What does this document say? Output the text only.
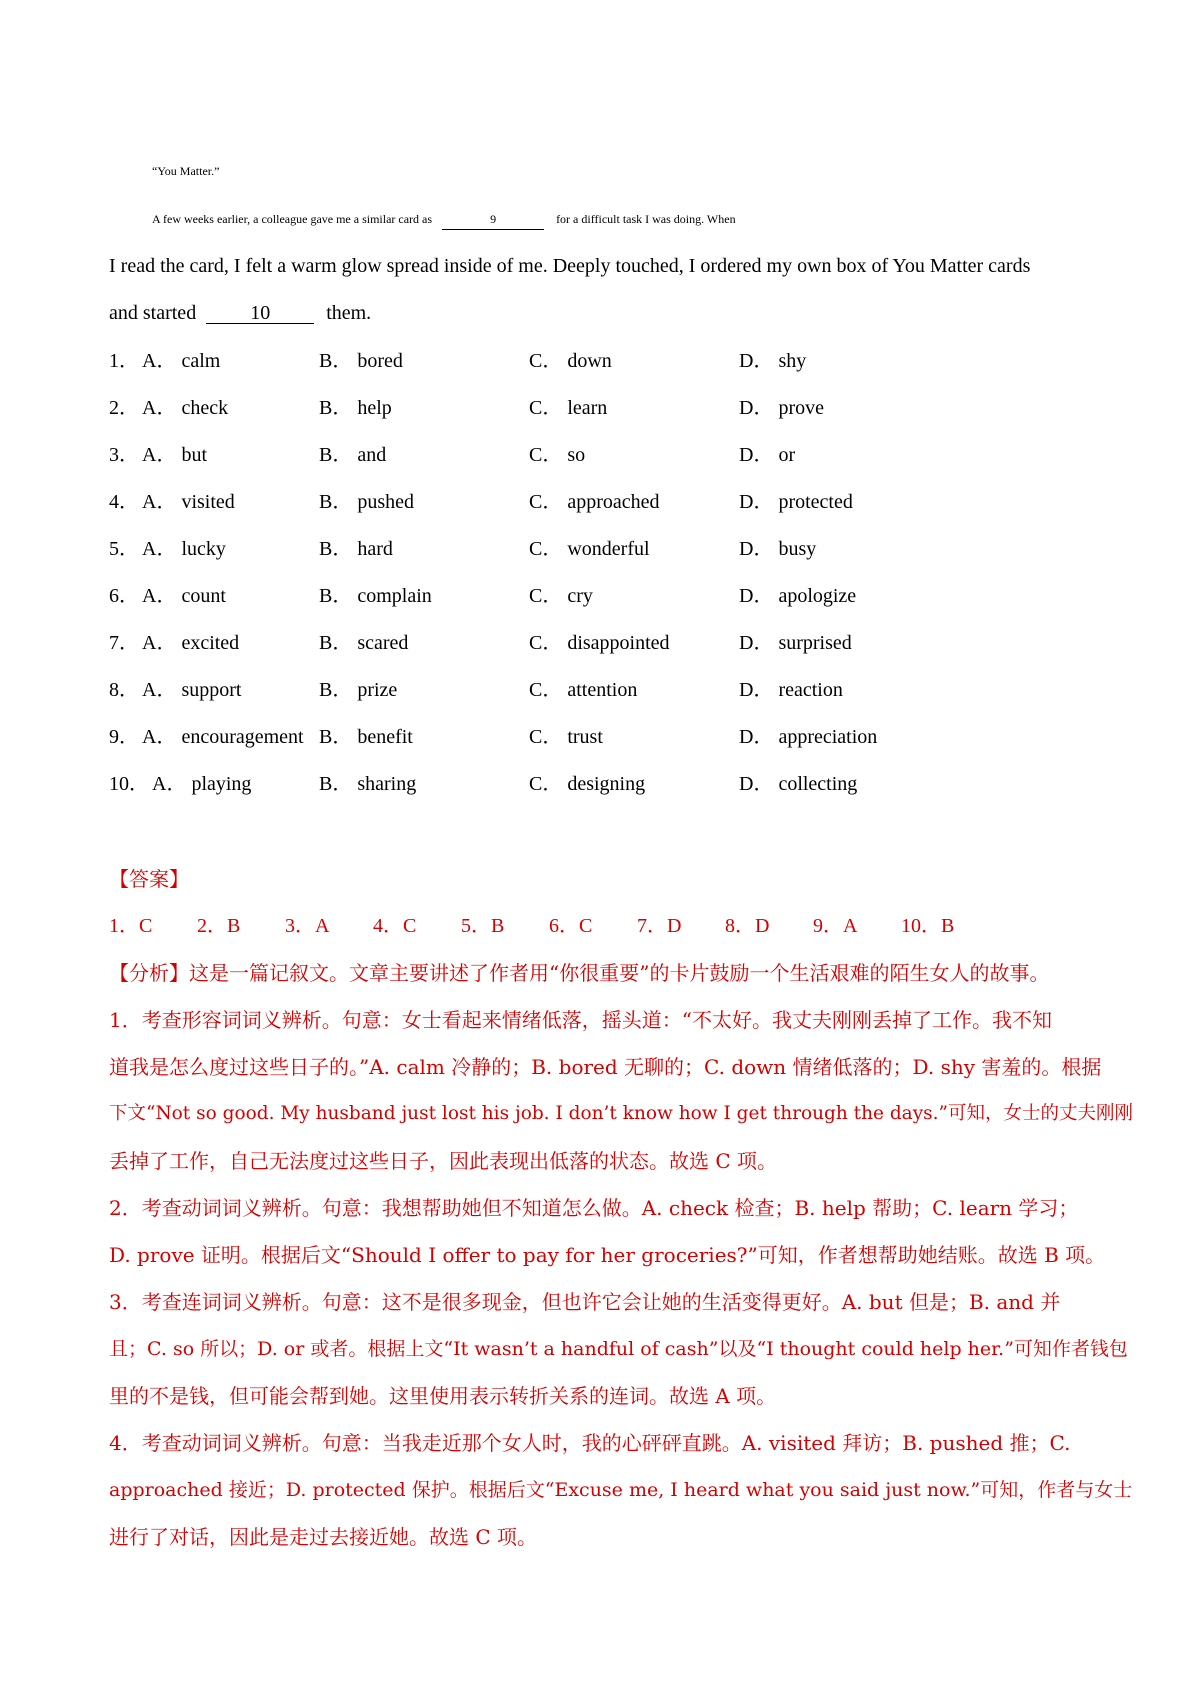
“You Matter.”
A few weeks earlier, a colleague gave me a similar card as	9	for a difficult task I was doing. When
I read the card, I felt a warm glow spread inside of me. Deeply touched, I ordered my own box of You Matter cards
and started	10	them.
1． A． calm	B． bored	C． down	D． shy
2． A． check	B． help	C． learn	D． prove
3． A． but	B． and	C． so	D． or
4． A． visited	B． pushed	C． approached	D． protected
5． A． lucky	B． hard	C． wonderful	D． busy
6． A． count	B． complain	C． cry	D． apologize
7． A． excited	B． scared	C． disappointed	D． surprised
8． A． support	B． prize	C． attention	D． reaction
9． A． encouragement B． benefit	C． trust	D． appreciation
10． A． playing	B． sharing	C． designing	D． collecting
【答案】
1．C 2．B 3．A 4．C 5．B 6．C 7．D 8．D 9．A 10．B
【分析】这是一篇记叙文。文章主要讲述了作者用“你很重要”的卡片鼓励一个生活艰难的陌生女人的故事。
1．考查形容词词义辨析。句意：女士看起来情绪低落，摇头道：“不太好。我丈夫刚刚丢掉了工作。我不知
道我是怎么度过这些日子的。”A. calm 冷静的；B. bored 无聊的；C. down 情绪低落的；D. shy 害羞的。根据
下文“Not so good. My husband just lost his job. I don’t know how I get through the days.”可知，女士的丈夫刚刚
丢掉了工作，自己无法度过这些日子，因此表现出低落的状态。故选 C 项。
2．考查动词词义辨析。句意：我想帮助她但不知道怎么做。A. check 检查；B. help 帮助；C. learn 学习；
D. prove 证明。根据后文“Should I offer to pay for her groceries?”可知，作者想帮助她结账。故选 B 项。
3．考查连词词义辨析。句意：这不是很多现金，但也许它会让她的生活变得更好。A. but 但是；B. and 并
且；C. so 所以；D. or 或者。根据上文“It wasn’t a handful of cash”以及“I thought could help her.”可知作者钱包
里的不是钱，但可能会帮到她。这里使用表示转折关系的连词。故选 A 项。
4．考查动词词义辨析。句意：当我走近那个女人时，我的心砰砰直跳。A. visited 拜访；B. pushed 推；C.
approached 接近；D. protected 保护。根据后文“Excuse me, I heard what you said just now.”可知，作者与女士
进行了对话，因此是走过去接近她。故选 C 项。
